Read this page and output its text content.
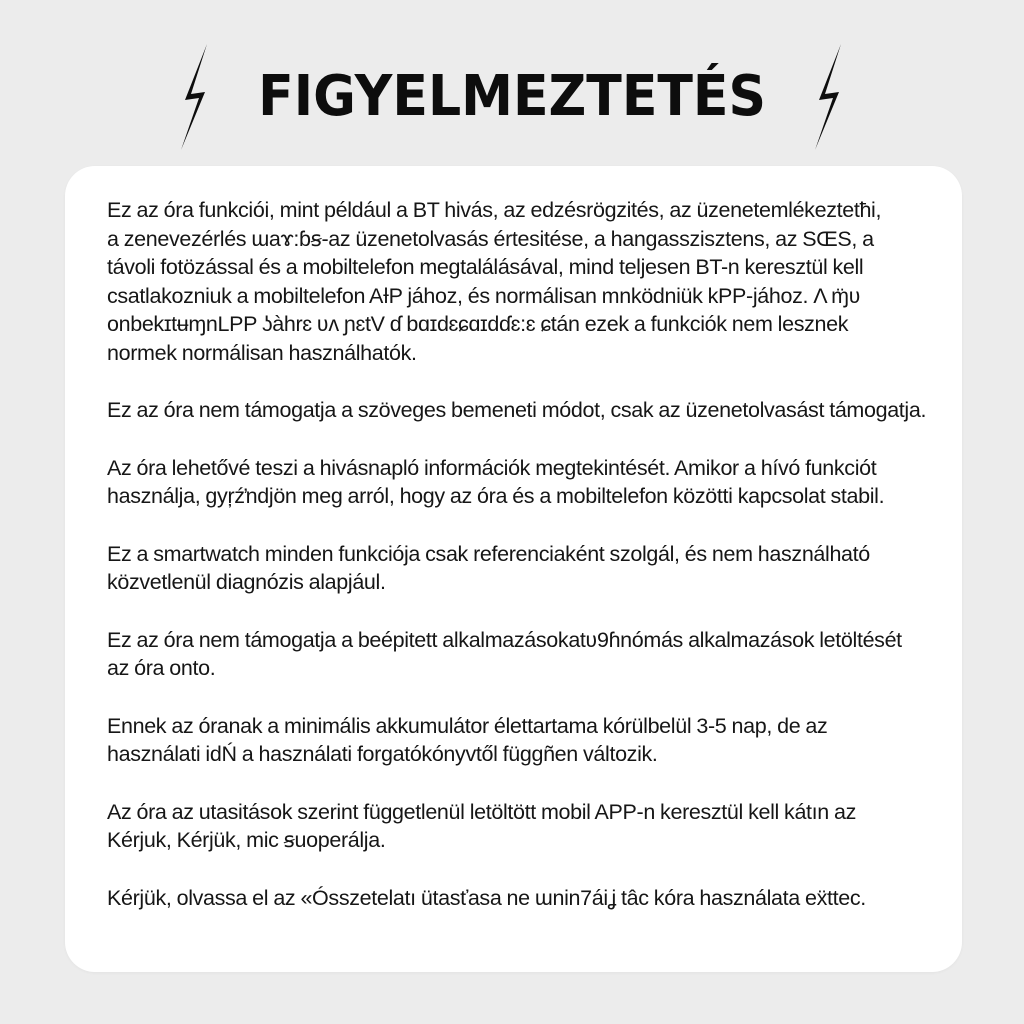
FIGYELMEZTETÉS

Ez az óra funkciói, mint például a BT hivás, az edzésrögzités, az üzenetemlékeztetħi,
a zenevezérlés ɯaɤ:ɓꞩ-az üzenetolvasás értesitése, a hangasszisztens, az SŒS, a
távoli fotözással és a mobiltelefon megtalálásával, mind teljesen BT-n keresztül kell
csatlakozniuk a mobiltelefon AƗP jához, és normálisan mnködniük kPP-jához. Λ ɱ̈ʋ
onbekɪtʉɱnLPP ʖàhrɛ ʋʌ ɲɛtV ɗ bɑɪdɛɕɑɪdɗɛ:ɛ ɕtán ezek a funkciók nem lesznek
normek normálisan használhatók.

Ez az óra nem támogatja a szöveges bemeneti módot, csak az üzenetolvasást támogatja.

Az óra lehetővé teszi a hivásnapló információk megtekintését. Amikor a hívó funkciót
használja, gyŗźŉdjön meg arról, hogy az óra és a mobiltelefon közötti kapcsolat stabil.

Ez a smartwatch minden funkciója csak referenciaként szolgál, és nem használható
közvetlenül diagnózis alapjául.

Ez az óra nem támogatja a beépitett alkalmazásokatʋ9ɦnómás alkalmazások letöltését
az óra onto.

Ennek az óranak a minimális akkumulátor élettartama kórülbelül 3-5 nap, de az
használati idŃ a használati forgatókónyvtől függñen változik.

Az óra az utasitások szerint függetlenül letöltött mobil APP-n keresztül kell kátın az
Kérjuk, Kérjük, mic ꞩuoperálja.

Kérjük, olvassa el az «Ósszetelatı ütasťasa ne ɯnin7áiʝ tâc kóra használata eẍttec.
